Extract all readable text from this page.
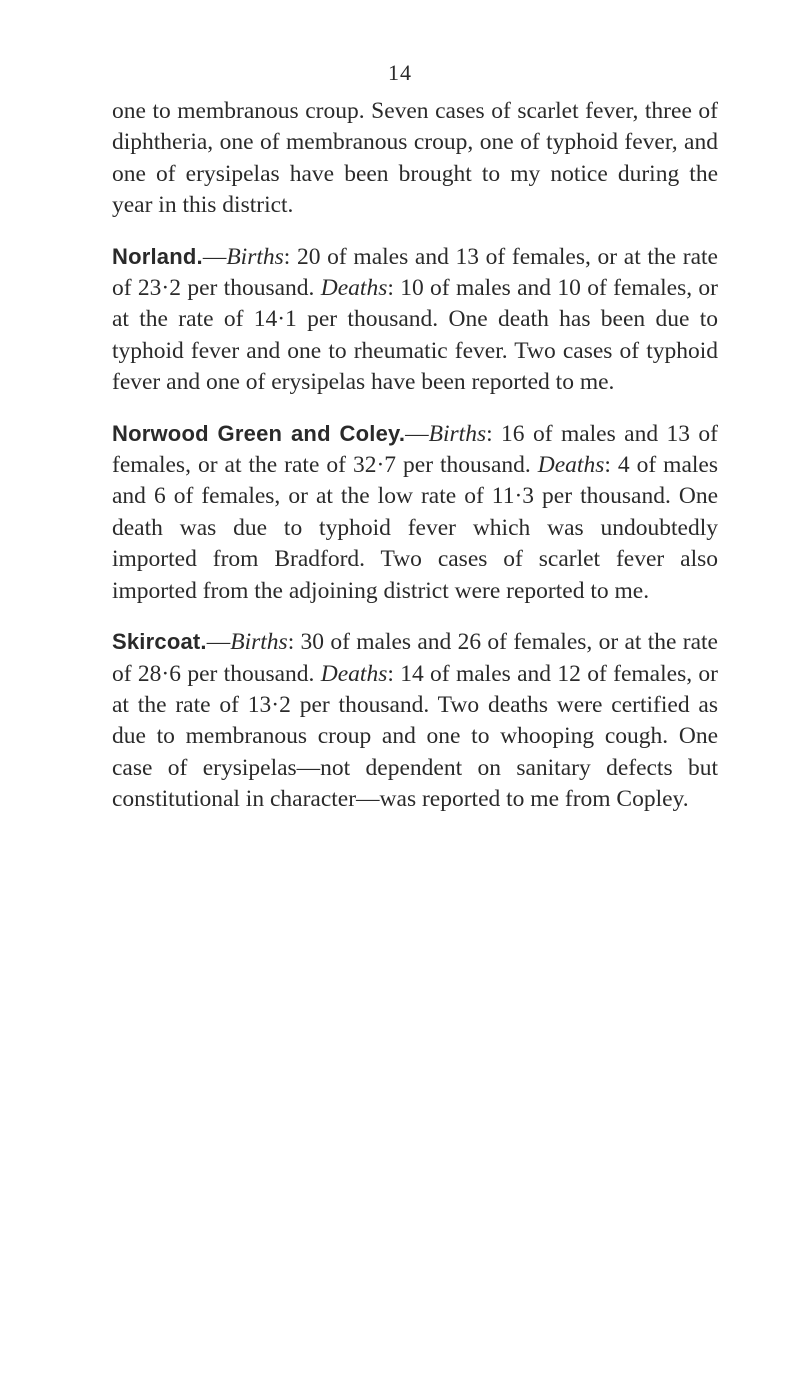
14

one to membranous croup. Seven cases of scarlet fever, three of diphtheria, one of membranous croup, one of typhoid fever, and one of erysipelas have been brought to my notice during the year in this district.

Norland.—Births: 20 of males and 13 of females, or at the rate of 23·2 per thousand. Deaths: 10 of males and 10 of females, or at the rate of 14·1 per thousand. One death has been due to typhoid fever and one to rheumatic fever. Two cases of typhoid fever and one of erysipelas have been reported to me.

Norwood Green and Coley.—Births: 16 of males and 13 of females, or at the rate of 32·7 per thousand. Deaths: 4 of males and 6 of females, or at the low rate of 11·3 per thousand. One death was due to typhoid fever which was undoubtedly imported from Bradford. Two cases of scarlet fever also imported from the adjoining district were reported to me.

Skircoat.—Births: 30 of males and 26 of females, or at the rate of 28·6 per thousand. Deaths: 14 of males and 12 of females, or at the rate of 13·2 per thousand. Two deaths were certified as due to membranous croup and one to whooping cough. One case of erysipelas—not dependent on sanitary defects but constitutional in character—was reported to me from Copley.
